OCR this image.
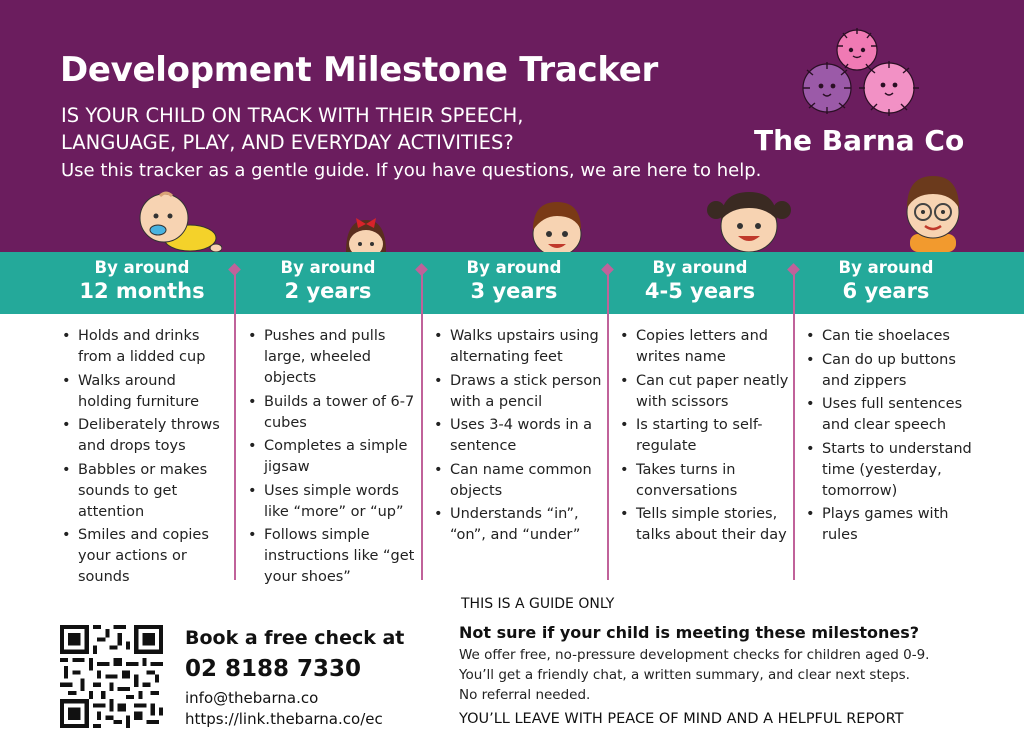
Development Milestone Tracker
IS YOUR CHILD ON TRACK WITH THEIR SPEECH, LANGUAGE, PLAY, AND EVERYDAY ACTIVITIES?
Use this tracker as a gentle guide. If you have questions, we are here to help.
The Barna Co
By around
12 months
By around
2 years
By around
3 years
By around
4-5 years
By around
6 years
• Holds and drinks from a lidded cup
• Walks around holding furniture
• Deliberately throws and drops toys
• Babbles or makes sounds to get attention
• Smiles and copies your actions or sounds
• Pushes and pulls large, wheeled objects
• Builds a tower of 6-7 cubes
• Completes a simple jigsaw
• Uses simple words like “more” or “up”
• Follows simple instructions like “get your shoes”
• Walks upstairs using alternating feet
• Draws a stick person with a pencil
• Uses 3-4 words in a sentence
• Can name common objects
• Understands “in”, “on”, and “under”
• Copies letters and writes name
• Can cut paper neatly with scissors
• Is starting to self-regulate
• Takes turns in conversations
• Tells simple stories, talks about their day
• Can tie shoelaces
• Can do up buttons and zippers
• Uses full sentences and clear speech
• Starts to understand time (yesterday, tomorrow)
• Plays games with rules
Book a free check at
02 8188 7330
info@thebarna.co
https://link.thebarna.co/ec
THIS IS A GUIDE ONLY
Not sure if your child is meeting these milestones?
We offer free, no-pressure development checks for children aged 0-9.
You’ll get a friendly chat, a written summary, and clear next steps.
No referral needed.
YOU’LL LEAVE WITH PEACE OF MIND AND A HELPFUL REPORT
